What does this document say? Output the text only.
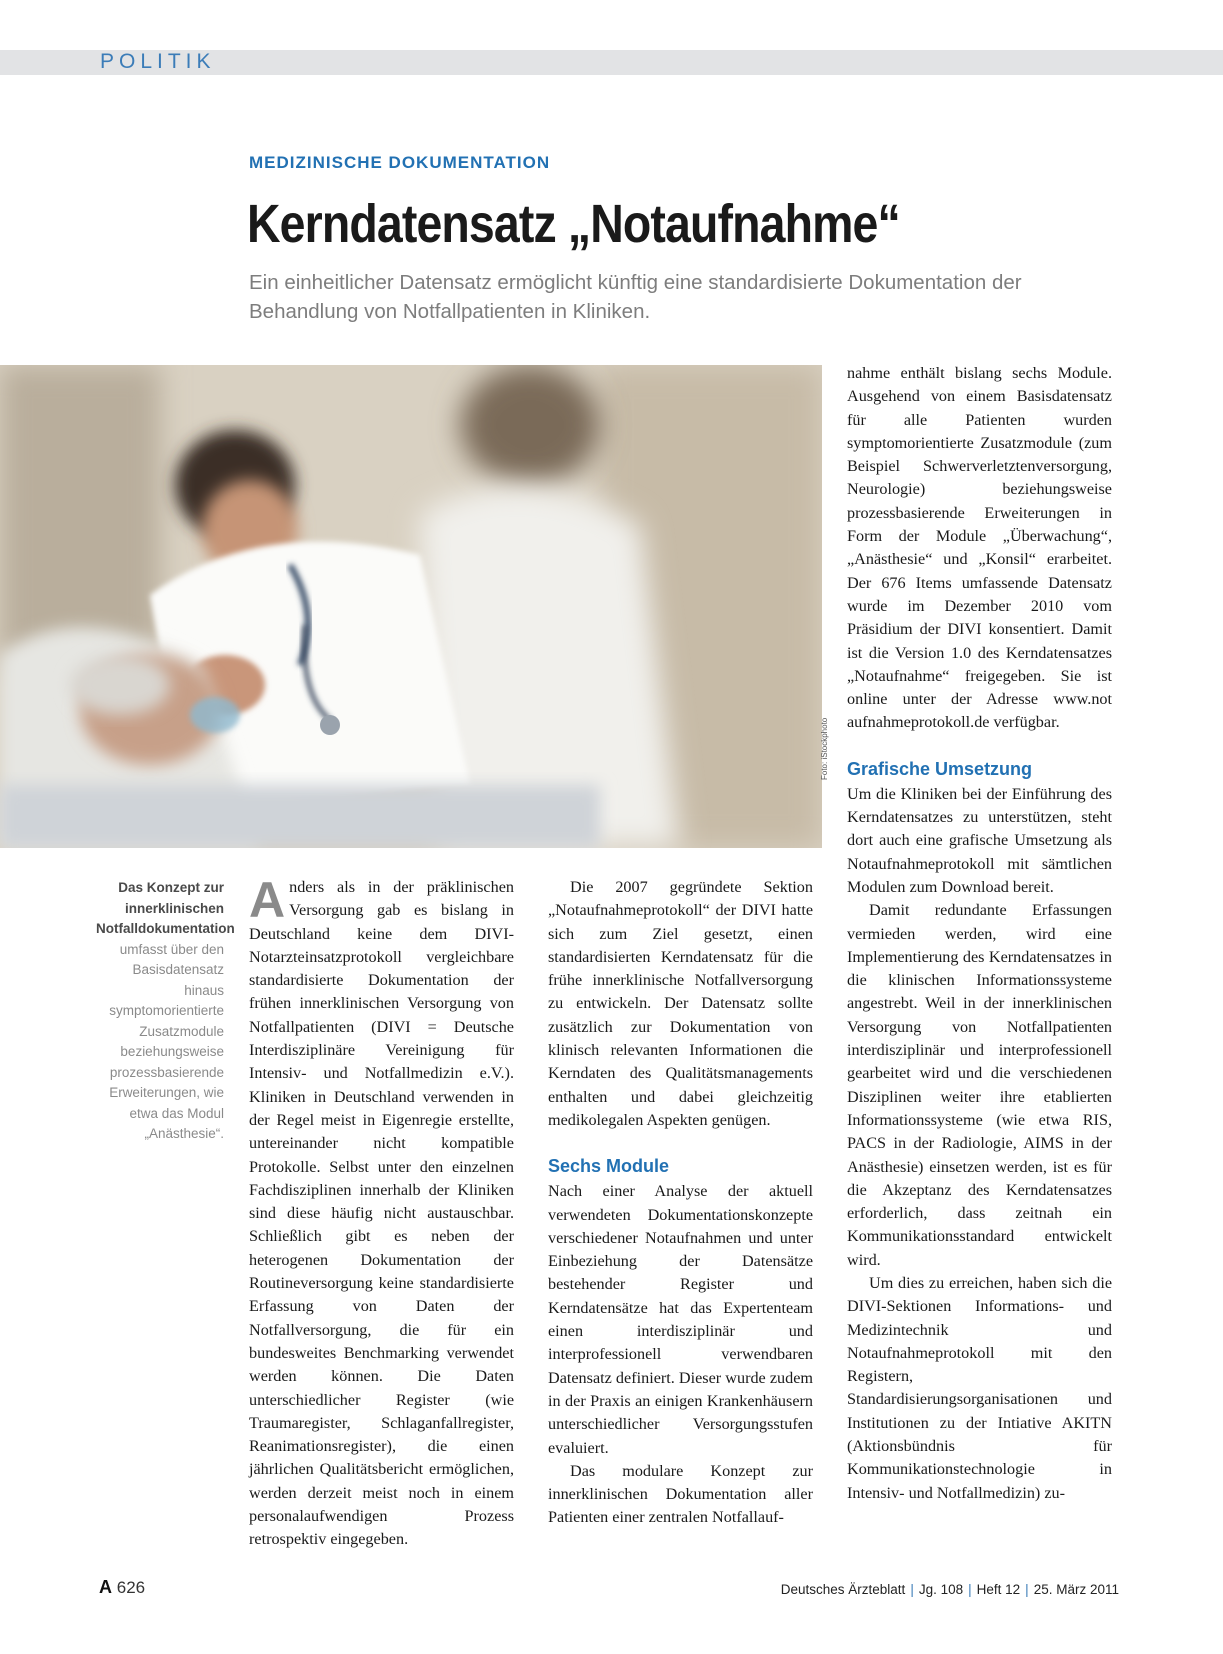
POLITIK
MEDIZINISCHE DOKUMENTATION
Kerndatensatz „Notaufnahme“

Ein einheitlicher Datensatz ermöglicht künftig eine standardisierte Dokumentation der Behandlung von Notfallpatienten in Kliniken.

Foto: iStockphoto

Das Konzept zur innerklinischen Notfalldokumentation umfasst über den Basisdatensatz hinaus symptomorientierte Zusatzmodule beziehungsweise prozessbasierende Erweiterungen, wie etwa das Modul „Anästhesie“.

Anders als in der präklinischen Versorgung gab es bislang in Deutschland keine dem DIVI-Notarzteinsatzprotokoll vergleichbare standardisierte Dokumentation der frühen innerklinischen Versorgung von Notfallpatienten (DIVI = Deutsche Interdisziplinäre Vereinigung für Intensiv- und Notfallmedizin e.V.). Kliniken in Deutschland verwenden in der Regel meist in Eigenregie erstellte, untereinander nicht kompatible Protokolle. Selbst unter den einzelnen Fachdisziplinen innerhalb der Kliniken sind diese häufig nicht austauschbar. Schließlich gibt es neben der heterogenen Dokumentation der Routineversorgung keine standardisierte Erfassung von Daten der Notfallversorgung, die für ein bundesweites Benchmarking verwendet werden können. Die Daten unterschiedlicher Register (wie Traumaregister, Schlaganfallregister, Reanimationsregister), die einen jährlichen Qualitätsbericht ermöglichen, werden derzeit meist noch in einem personalaufwendigen Prozess retrospektiv eingegeben.

Die 2007 gegründete Sektion „Notaufnahmeprotokoll“ der DIVI hatte sich zum Ziel gesetzt, einen standardisierten Kerndatensatz für die frühe innerklinische Notfallversorgung zu entwickeln. Der Datensatz sollte zusätzlich zur Dokumentation von klinisch relevanten Informationen die Kerndaten des Qualitätsmanagements enthalten und dabei gleichzeitig medikolegalen Aspekten genügen.

Sechs Module

Nach einer Analyse der aktuell verwendeten Dokumentationskonzepte verschiedener Notaufnahmen und unter Einbeziehung der Datensätze bestehender Register und Kerndatensätze hat das Expertenteam einen interdisziplinär und interprofessionell verwendbaren Datensatz definiert. Dieser wurde zudem in der Praxis an einigen Krankenhäusern unterschiedlicher Versorgungsstufen evaluiert.

Das modulare Konzept zur innerklinischen Dokumentation aller Patienten einer zentralen Notfallauf-

nahme enthält bislang sechs Module. Ausgehend von einem Basisdatensatz für alle Patienten wurden symptomorientierte Zusatzmodule (zum Beispiel Schwerverletztenversorgung, Neurologie) beziehungsweise prozessbasierende Erweiterungen in Form der Module „Überwachung“, „Anästhesie“ und „Konsil“ erarbeitet. Der 676 Items umfassende Datensatz wurde im Dezember 2010 vom Präsidium der DIVI konsentiert. Damit ist die Version 1.0 des Kerndatensatzes „Notaufnahme“ freigegeben. Sie ist online unter der Adresse www.not aufnahmeprotokoll.de verfügbar.

Grafische Umsetzung

Um die Kliniken bei der Einführung des Kerndatensatzes zu unterstützen, steht dort auch eine grafische Umsetzung als Notaufnahmeprotokoll mit sämtlichen Modulen zum Download bereit.

Damit redundante Erfassungen vermieden werden, wird eine Implementierung des Kerndatensatzes in die klinischen Informationssysteme angestrebt. Weil in der innerklinischen Versorgung von Notfallpatienten interdisziplinär und interprofessionell gearbeitet wird und die verschiedenen Disziplinen weiter ihre etablierten Informationssysteme (wie etwa RIS, PACS in der Radiologie, AIMS in der Anästhesie) einsetzen werden, ist es für die Akzeptanz des Kerndatensatzes erforderlich, dass zeitnah ein Kommunikationsstandard entwickelt wird.

Um dies zu erreichen, haben sich die DIVI-Sektionen Informations- und Medizintechnik und Notaufnahmeprotokoll mit den Registern, Standardisierungsorganisationen und Institutionen zu der Intiative AKITN (Aktionsbündnis für Kommunikationstechnologie in Intensiv- und Notfallmedizin) zu-

A 626	Deutsches Ärzteblatt | Jg. 108 | Heft 12 | 25. März 2011
